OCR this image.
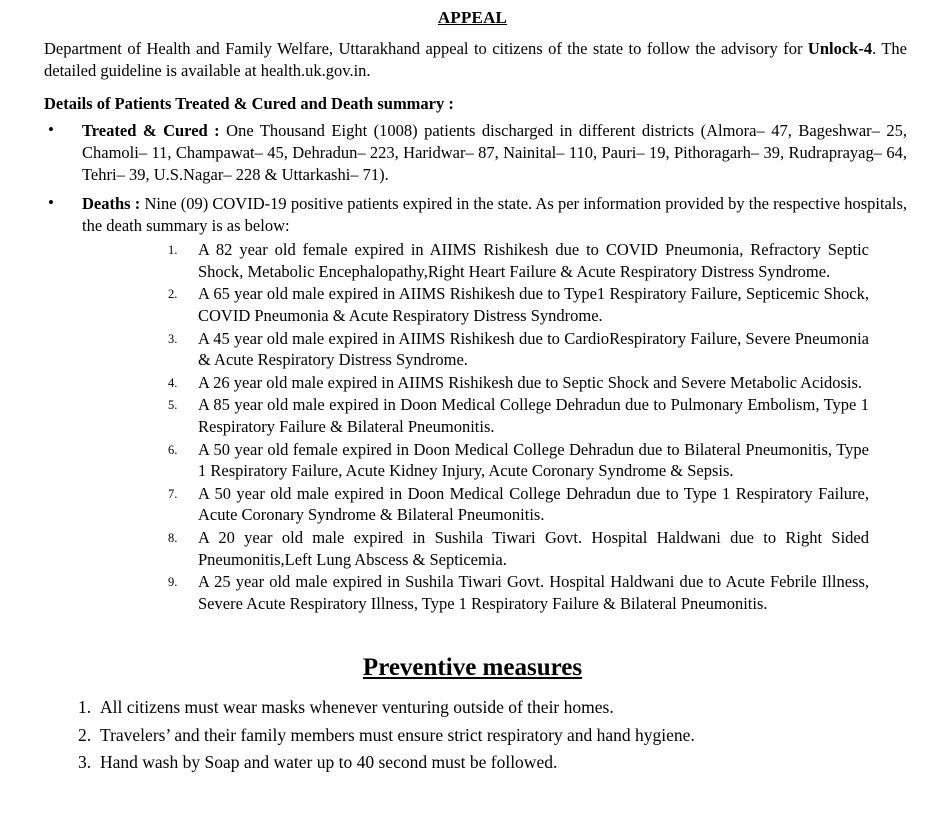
APPEAL

Department of Health and Family Welfare, Uttarakhand appeal to citizens of the state to follow the advisory for Unlock-4. The detailed guideline is available at health.uk.gov.in.

Details of Patients Treated & Cured and Death summary :
• Treated & Cured : One Thousand Eight (1008) patients discharged in different districts (Almora– 47, Bageshwar– 25, Chamoli– 11, Champawat– 45, Dehradun– 223, Haridwar– 87, Nainital– 110, Pauri– 19, Pithoragarh– 39, Rudraprayag– 64, Tehri– 39, U.S.Nagar– 228 & Uttarkashi– 71).
• Deaths : Nine (09) COVID-19 positive patients expired in the state. As per information provided by the respective hospitals, the death summary is as below:
A 82 year old female expired in AIIMS Rishikesh due to COVID Pneumonia, Refractory Septic Shock, Metabolic Encephalopathy,Right Heart Failure & Acute Respiratory Distress Syndrome.
A 65 year old male expired in AIIMS Rishikesh due to Type1 Respiratory Failure, Septicemic Shock, COVID Pneumonia & Acute Respiratory Distress Syndrome.
A 45 year old male expired in AIIMS Rishikesh due to CardioRespiratory Failure, Severe Pneumonia & Acute Respiratory Distress Syndrome.
A 26 year old male expired in AIIMS Rishikesh due to Septic Shock and Severe Metabolic Acidosis.
A 85 year old male expired in Doon Medical College Dehradun due to Pulmonary Embolism, Type 1 Respiratory Failure & Bilateral Pneumonitis.
A 50 year old female expired in Doon Medical College Dehradun due to Bilateral Pneumonitis, Type 1 Respiratory Failure, Acute Kidney Injury, Acute Coronary Syndrome & Sepsis.
A 50 year old male expired in Doon Medical College Dehradun due to Type 1 Respiratory Failure, Acute Coronary Syndrome & Bilateral Pneumonitis.
A 20 year old male expired in Sushila Tiwari Govt. Hospital Haldwani due to Right Sided Pneumonitis,Left Lung Abscess & Septicemia.
A 25 year old male expired in Sushila Tiwari Govt. Hospital Haldwani due to Acute Febrile Illness, Severe Acute Respiratory Illness, Type 1 Respiratory Failure & Bilateral Pneumonitis.
Preventive measures
All citizens must wear masks whenever venturing outside of their homes.
Travelers’ and their family members must ensure strict respiratory and hand hygiene.
Hand wash by Soap and water up to 40 second must be followed.
